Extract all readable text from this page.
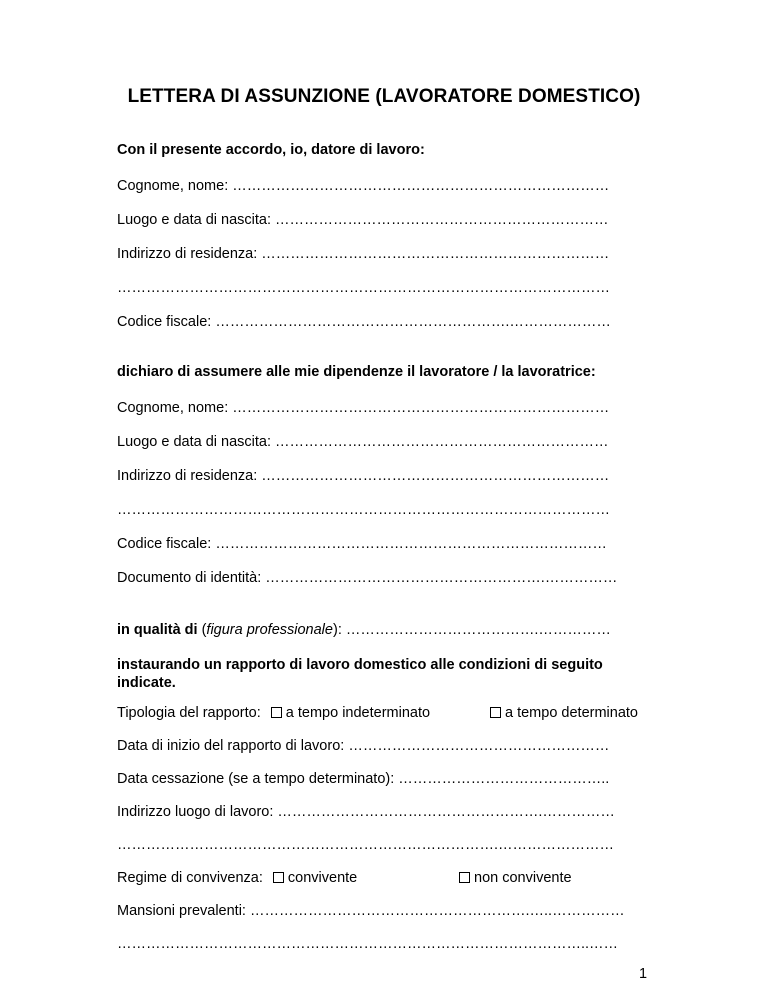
LETTERA DI ASSUNZIONE (LAVORATORE DOMESTICO)
Con il presente accordo, io, datore di lavoro:
Cognome, nome: ……………………………………………………………………
Luogo e data di nascita: ……………………………………………………………
Indirizzo di residenza: ………………………………………………………………
…………………………………………………………………………………………
Codice fiscale: …………………………………………………….…………………
dichiaro di assumere alle mie dipendenze il lavoratore / la lavoratrice:
Cognome, nome: ……………………………………………………………………
Luogo e data di nascita: ……………………………………………………………
Indirizzo di residenza: ………………………………………………………………
…………………………………………………………………………………………
Codice fiscale: ………………………………………………………………………
Documento di identità: ………………………………………………….……………
in qualità di (figura professionale): ………………………………….……………
instaurando un rapporto di lavoro domestico alle condizioni di seguito
indicate.
Tipologia del rapporto: a tempo indeterminato	a tempo determinato
Data di inizio del rapporto di lavoro: ………………………………………………
Data cessazione (se a tempo determinato): ……………………………………..
Indirizzo luogo di lavoro: ……………………………………………….……………
…………………………………………………………………….……………………
Regime di convivenza: convivente	non convivente
Mansioni prevalenti: ………………………………………………….…..……………
……………………………………………………………………………………..……
1
